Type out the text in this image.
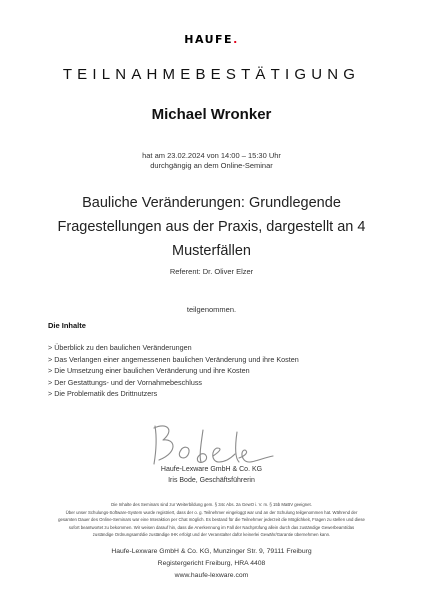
HAUFE.
TEILNAHMEBESTÄTIGUNG
Michael Wronker
hat am 23.02.2024 von 14:00 – 15:30 Uhr
durchgängig an dem Online-Seminar
Bauliche Veränderungen: Grundlegende Fragestellungen aus der Praxis, dargestellt an 4 Musterfällen
Referent: Dr. Oliver Elzer
teilgenommen.
Die Inhalte
> Überblick zu den baulichen Veränderungen
> Das Verlangen einer angemessenen baulichen Veränderung und ihre Kosten
> Die Umsetzung einer baulichen Veränderung und ihre Kosten
> Der Gestattungs- und der Vornahmebeschluss
> Die Problematik des Drittnutzers
Haufe-Lexware GmbH & Co. KG
Iris Bode, Geschäftsführerin

Die Inhalte des Seminars sind zur Weiterbildung gem. § 34c Abs. 2a GewO i. V. m. § 15b MaBV geeignet.

Über unser Schulungs-Software-System wurde registriert, dass der o. g. Teilnehmer eingeloggt war und an der Schulung teilgenommen hat. Während der

gesamten Dauer des Online-Seminars war eine Interaktion per Chat möglich. Es bestand für die Teilnehmer jederzeit die Möglichkeit, Fragen zu stellen und diese

sofort beantwortet zu bekommen. Wir weisen darauf hin, dass die Anerkennung im Fall der Nachprüfung allein durch das zuständige Gewerbeamt/das

zuständige Ordnungsamt/die zuständige IHK erfolgt und der Veranstalter dafür keinerlei Gewähr/Garantie übernehmen kann.

Haufe-Lexware GmbH & Co. KG, Munzinger Str. 9, 79111 Freiburg
Registergericht Freiburg, HRA 4408
www.haufe-lexware.com
